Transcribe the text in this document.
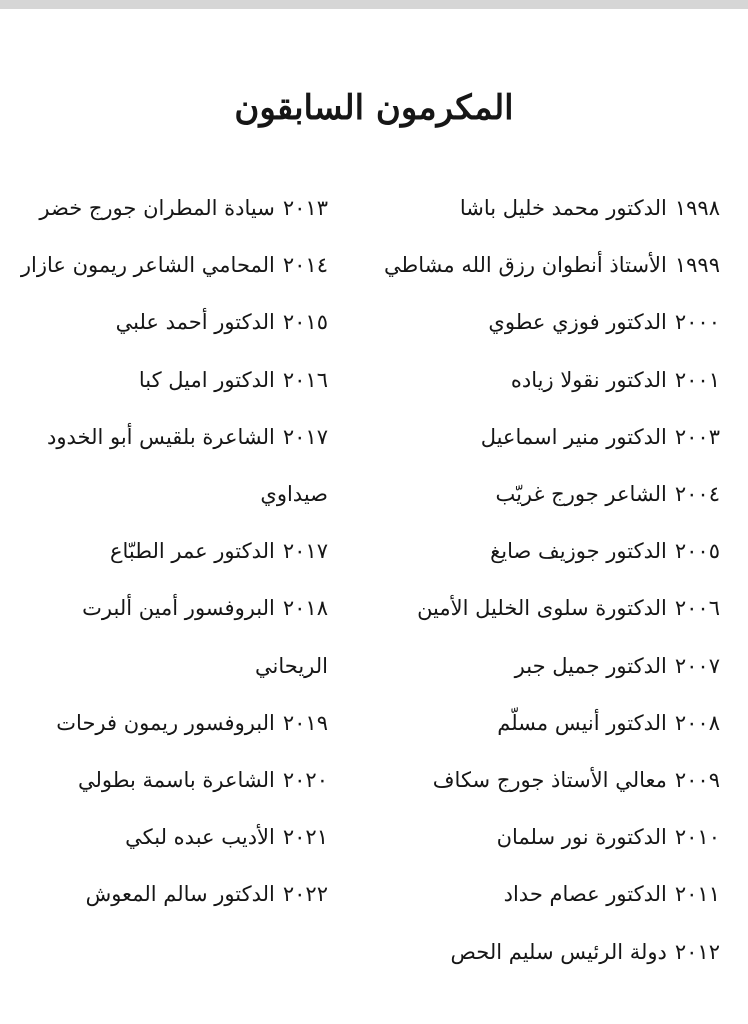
المكرمون السابقون
١٩٩٨الدكتور محمد خليل باشا
١٩٩٩الأستاذ أنطوان رزق الله مشاطي
٢٠٠٠الدكتور فوزي عطوي
٢٠٠١الدكتور نقولا زياده
٢٠٠٣الدكتور منير اسماعيل
٢٠٠٤الشاعر جورج غريّب
٢٠٠٥الدكتور جوزيف صايغ
٢٠٠٦الدكتورة سلوى الخليل الأمين
٢٠٠٧الدكتور جميل جبر
٢٠٠٨الدكتور أنيس مسلّم
٢٠٠٩معالي الأستاذ جورج سكاف
٢٠١٠الدكتورة نور سلمان
٢٠١١الدكتور عصام حداد
٢٠١٢دولة الرئيس سليم الحص
٢٠١٣سيادة المطران جورج خضر
٢٠١٤المحامي الشاعر ريمون عازار
٢٠١٥الدكتور أحمد علبي
٢٠١٦الدكتور اميل كبا
٢٠١٧الشاعرة بلقيس أبو الخدود صيداوي
٢٠١٧الدكتور عمر الطبّاع
٢٠١٨البروفسور أمين ألبرت الريحاني
٢٠١٩البروفسور ريمون فرحات
٢٠٢٠الشاعرة باسمة بطولي
٢٠٢١الأديب عبده لبكي
٢٠٢٢الدكتور سالم المعوش
